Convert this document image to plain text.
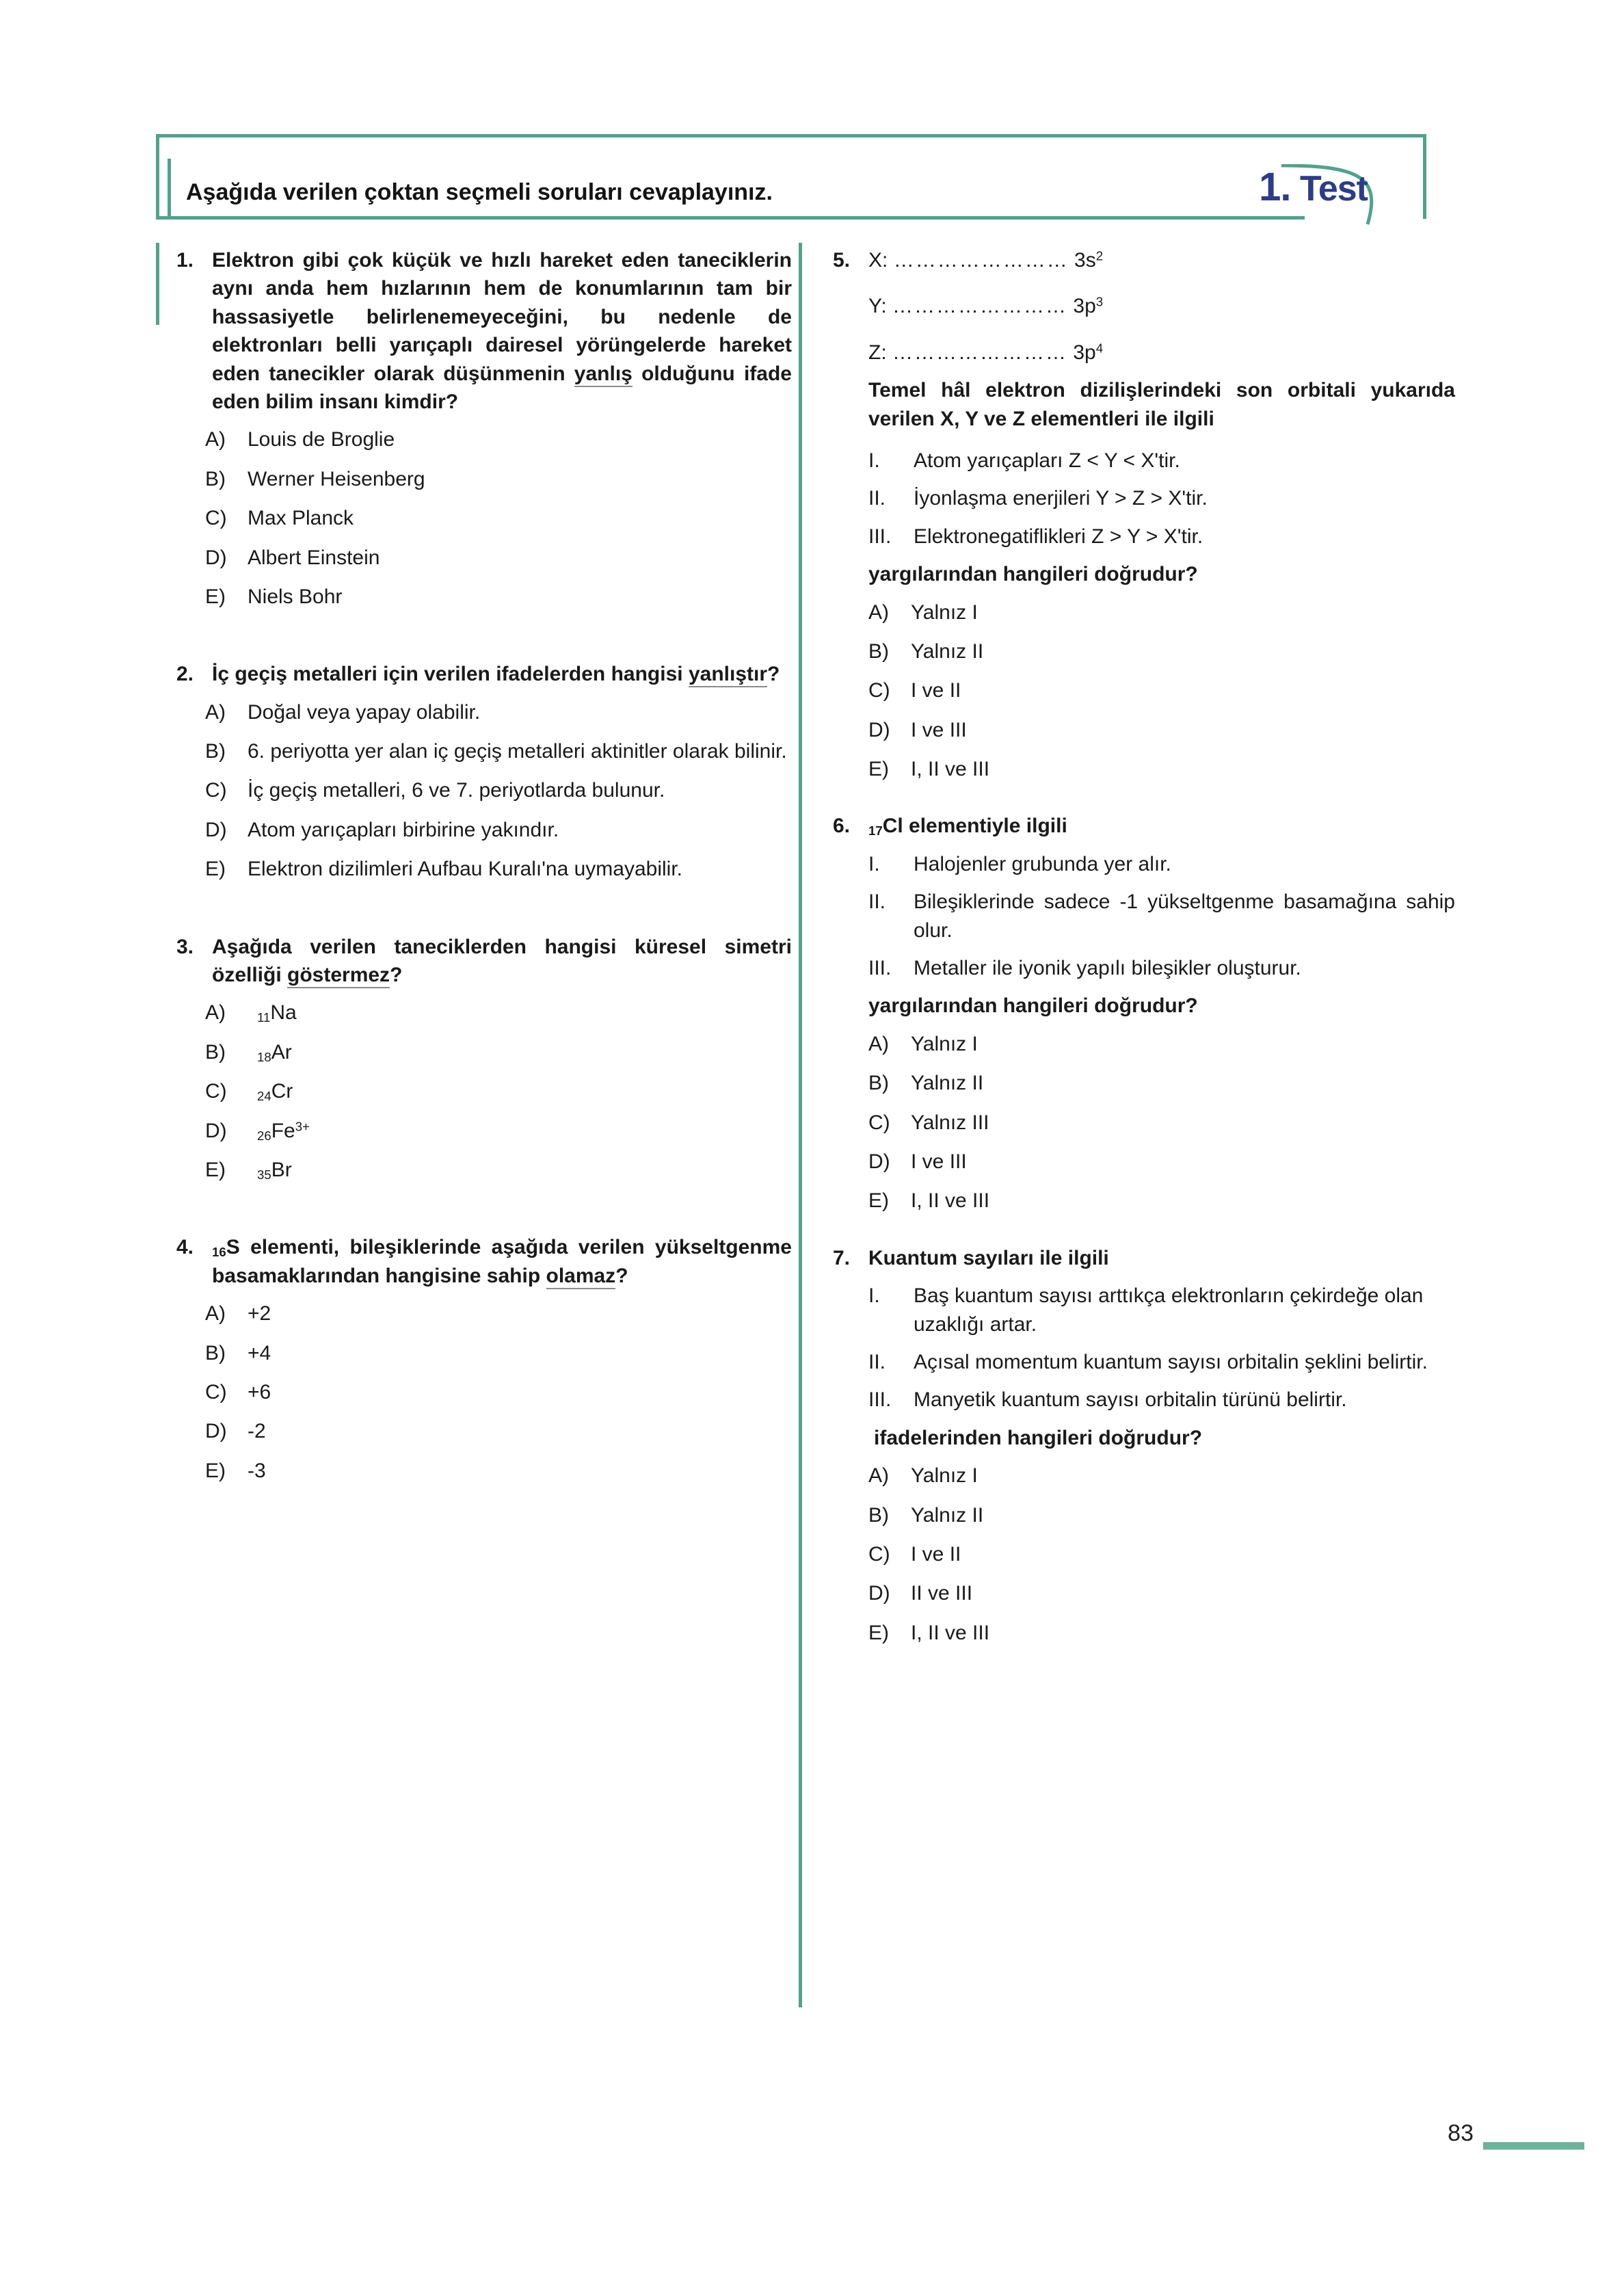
Aşağıda verilen çoktan seçmeli soruları cevaplayınız.	1. Test
1. Elektron gibi çok küçük ve hızlı hareket eden taneciklerin aynı anda hem hızlarının hem de konumlarının tam bir hassasiyetle belirlenemeyeceğini, bu nedenle de elektronları belli yarıçaplı dairesel yörüngelerde hareket eden tanecikler olarak düşünmenin yanlış olduğunu ifade eden bilim insanı kimdir?
A)	Louis de Broglie
B)	Werner Heisenberg
C)	Max Planck
D)	Albert Einstein
E)	Niels Bohr
2. İç geçiş metalleri için verilen ifadelerden hangisi yanlıştır?
A)	Doğal veya yapay olabilir.
B)	6. periyotta yer alan iç geçiş metalleri aktinitler olarak bilinir.
C)	İç geçiş metalleri, 6 ve 7. periyotlarda bulunur.
D)	Atom yarıçapları birbirine yakındır.
E)	Elektron dizilimleri Aufbau Kuralı'na uymayabilir.
3. Aşağıda verilen taneciklerden hangisi küresel simetri özelliği göstermez?
A)	$_{11}$Na
B)	$_{18}$Ar
C)	$_{24}$Cr
D)	$_{26}Fe^{3+}$
E)	$_{35}$Br
4.	$_{16}$S elementi, bileşiklerinde aşağıda verilen yükseltgenme basamaklarından hangisine sahip olamaz?
A)	+2
B)	+4
C)	+6
D)	-2
E)	-3
5. X: …………………… $3s^2$
Y: …………………… $3p^3$
Z: …………………… $3p^4$
Temel hâl elektron dizilişlerindeki son orbitali yukarıda verilen X, Y ve Z elementleri ile ilgili
I.	Atom yarıçapları Z < Y < X'tir.
II.	İyonlaşma enerjileri Y > Z > X'tir.
III.	Elektronegatiflikleri Z > Y > X'tir.
yargılarından hangileri doğrudur?
A)	Yalnız I
B)	Yalnız II
C)	I ve II
D)	I ve III
E)	I, II ve III
6.	$_{17}$Cl elementiyle ilgili
I.	Halojenler grubunda yer alır.
II.	Bileşiklerinde sadece -1 yükseltgenme basamağına sahip olur.
III.	Metaller ile iyonik yapılı bileşikler oluşturur.
yargılarından hangileri doğrudur?
A)	Yalnız I
B)	Yalnız II
C)	Yalnız III
D)	I ve III
E)	I, II ve III
7. Kuantum sayıları ile ilgili
I.	Baş kuantum sayısı arttıkça elektronların çekirdeğe olan uzaklığı artar.
II.	Açısal momentum kuantum sayısı orbitalin şeklini belirtir.
III.	Manyetik kuantum sayısı orbitalin türünü belirtir.
ifadelerinden hangileri doğrudur?
A)	Yalnız I
B)	Yalnız II
C)	I ve II
D)	II ve III
E)	I, II ve III
83
